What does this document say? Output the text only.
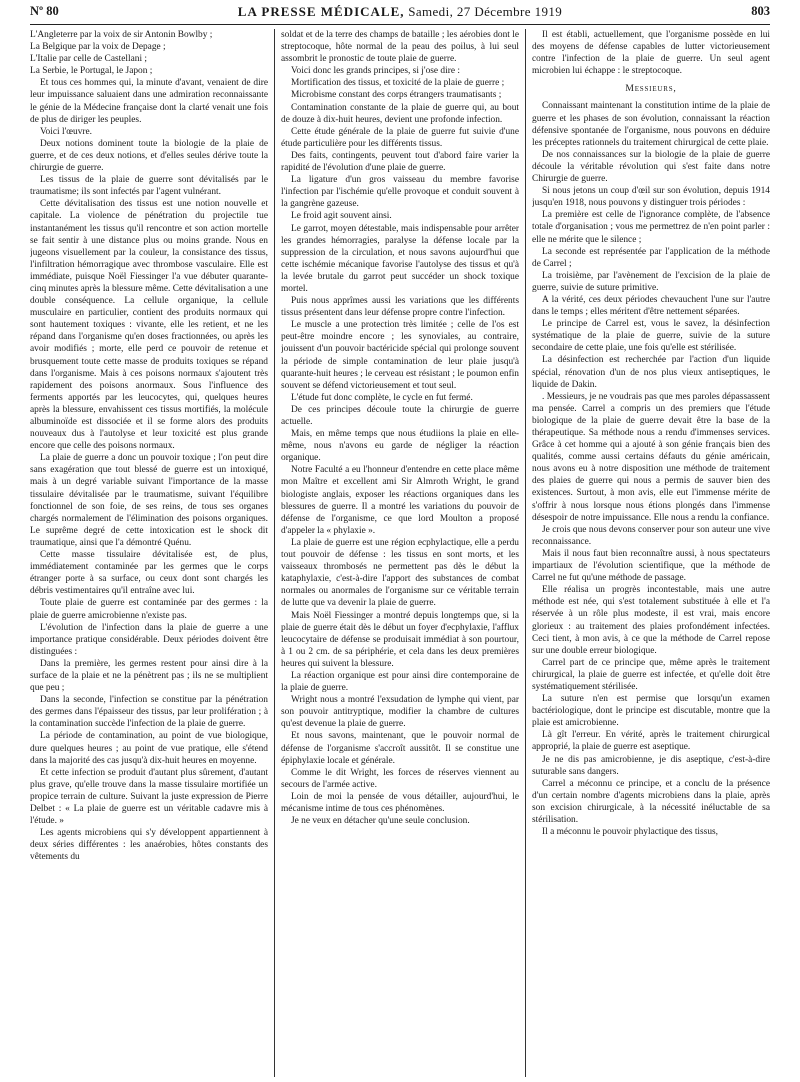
Nº 80	LA PRESSE MÉDICALE, Samedi, 27 Décembre 1919	803

L'Angleterre par la voix de sir Antonin Bowlby ;

La Belgique par la voix de Depage ;

L'Italie par celle de Castellani ;

La Serbie, le Portugal, le Japon ;

Et tous ces hommes qui, la minute d'avant, venaient de dire leur impuissance saluaient dans une admiration reconnaissante le génie de la Médecine française dont la clarté venait une fois de plus de diriger les peuples.

Voici l'œuvre.

Deux notions dominent toute la biologie de la plaie de guerre, et de ces deux notions, et d'elles seules dérive toute la chirurgie de guerre.

Les tissus de la plaie de guerre sont dévitalisés par le traumatisme; ils sont infectés par l'agent vulnérant.

Cette dévitalisation des tissus est une notion nouvelle et capitale. La violence de pénétration du projectile tue instantanément les tissus qu'il rencontre et son action mortelle se fait sentir à une distance plus ou moins grande. Nous en jugeons visuellement par la couleur, la consistance des tissus, l'infiltration hémorragique avec thrombose vasculaire. Elle est immédiate, puisque Noël Fiessinger l'a vue débuter quarante-cinq minutes après la blessure même. Cette dévitalisation a une double conséquence. La cellule organique, la cellule musculaire en particulier, contient des produits normaux qui sont hautement toxiques : vivante, elle les retient, et ne les répand dans l'organisme qu'en doses fractionnées, ou après les avoir modifiés ; morte, elle perd ce pouvoir de retenue et brusquement toute cette masse de produits toxiques se répand dans l'organisme. Mais à ces poisons normaux s'ajoutent très rapidement des poisons anormaux. Sous l'influence des ferments apportés par les leucocytes, qui, quelques heures après la blessure, envahissent ces tissus mortifiés, la molécule albuminoïde est dissociée et il se forme alors des produits nouveaux dus à l'autolyse et leur toxicité est plus grande encore que celle des poisons normaux.

La plaie de guerre a donc un pouvoir toxique ; l'on peut dire sans exagération que tout blessé de guerre est un intoxiqué, mais à un degré variable suivant l'importance de la masse tissulaire dévitalisée par le traumatisme, suivant l'équilibre fonctionnel de son foie, de ses reins, de tous ses organes chargés normalement de l'élimination des poisons organiques. Le suprême degré de cette intoxication est le shock dit traumatique, ainsi que l'a démontré Quénu.

Cette masse tissulaire dévitalisée est, de plus, immédiatement contaminée par les germes que le corps étranger porte à sa surface, ou ceux dont sont chargés les débris vestimentaires qu'il entraîne avec lui.

Toute plaie de guerre est contaminée par des germes : la plaie de guerre amicrobienne n'existe pas.

L'évolution de l'infection dans la plaie de guerre a une importance pratique considérable. Deux périodes doivent être distinguées :

Dans la première, les germes restent pour ainsi dire à la surface de la plaie et ne la pénètrent pas ; ils ne se multiplient que peu ;

Dans la seconde, l'infection se constitue par la pénétration des germes dans l'épaisseur des tissus, par leur prolifération ; à la contamination succède l'infection de la plaie de guerre.

La période de contamination, au point de vue biologique, dure quelques heures ; au point de vue pratique, elle s'étend dans la majorité des cas jusqu'à dix-huit heures en moyenne.

Et cette infection se produit d'autant plus sûrement, d'autant plus grave, qu'elle trouve dans la masse tissulaire mortifiée un propice terrain de culture. Suivant la juste expression de Pierre Delbet : « La plaie de guerre est un véritable cadavre mis à l'étude. »

Les agents microbiens qui s'y développent appartiennent à deux séries différentes : les anaérobies, hôtes constants des vêtements du

soldat et de la terre des champs de bataille ; les aérobies dont le streptocoque, hôte normal de la peau des poilus, à lui seul assombrit le pronostic de toute plaie de guerre.

Voici donc les grands principes, si j'ose dire :

Mortification des tissus, et toxicité de la plaie de guerre ;

Microbisme constant des corps étrangers traumatisants ;

Contamination constante de la plaie de guerre qui, au bout de douze à dix-huit heures, devient une profonde infection.

Cette étude générale de la plaie de guerre fut suivie d'une étude particulière pour les différents tissus.

Des faits, contingents, peuvent tout d'abord faire varier la rapidité de l'évolution d'une plaie de guerre.

La ligature d'un gros vaisseau du membre favorise l'infection par l'ischémie qu'elle provoque et conduit souvent à la gangrène gazeuse.

Le froid agit souvent ainsi.

Le garrot, moyen détestable, mais indispensable pour arrêter les grandes hémorragies, paralyse la défense locale par la suppression de la circulation, et nous savons aujourd'hui que cette ischémie mécanique favorise l'autolyse des tissus et qu'à la levée brutale du garrot peut succéder un shock toxique mortel.

Puis nous apprîmes aussi les variations que les différents tissus présentent dans leur défense propre contre l'infection.

Le muscle a une protection très limitée ; celle de l'os est peut-être moindre encore ; les synoviales, au contraire, jouissent d'un pouvoir bactéricide spécial qui prolonge souvent la période de simple contamination de leur plaie jusqu'à quarante-huit heures ; le cerveau est résistant ; le poumon enfin souvent se défend victorieusement et tout seul.

L'étude fut donc complète, le cycle en fut fermé.

De ces principes découle toute la chirurgie de guerre actuelle.

Mais, en même temps que nous étudiions la plaie en elle-même, nous n'avons eu garde de négliger la réaction organique.

Notre Faculté a eu l'honneur d'entendre en cette place même mon Maître et excellent ami Sir Almroth Wright, le grand biologiste anglais, exposer les réactions organiques dans les blessures de guerre. Il a montré les variations du pouvoir de défense de l'organisme, ce que lord Moulton a proposé d'appeler la « phylaxie ».

La plaie de guerre est une région ecphylactique, elle a perdu tout pouvoir de défense : les tissus en sont morts, et les vaisseaux thrombosés ne permettent pas dès le début la kataphylaxie, c'est-à-dire l'apport des substances de combat normales ou anormales de l'organisme sur ce véritable terrain de lutte que va devenir la plaie de guerre.

Mais Noël Fiessinger a montré depuis longtemps que, si la plaie de guerre était dès le début un foyer d'ecphylaxie, l'afflux leucocytaire de défense se produisait immédiat à son pourtour, à 1 ou 2 cm. de sa périphérie, et cela dans les deux premières heures qui suivent la blessure.

La réaction organique est pour ainsi dire contemporaine de la plaie de guerre.

Wright nous a montré l'exsudation de lymphe qui vient, par son pouvoir antitryptique, modifier la chambre de cultures qu'est devenue la plaie de guerre.

Et nous savons, maintenant, que le pouvoir normal de défense de l'organisme s'accroît aussitôt. Il se constitue une épiphylaxie locale et générale.

Comme le dit Wright, les forces de réserves viennent au secours de l'armée active.

Loin de moi la pensée de vous détailler, aujourd'hui, le mécanisme intime de tous ces phénomènes.

Je ne veux en détacher qu'une seule conclusion.

Il est établi, actuellement, que l'organisme possède en lui des moyens de défense capables de lutter victorieusement contre l'infection de la plaie de guerre. Un seul agent microbien lui échappe : le streptocoque.

Messieurs,

Connaissant maintenant la constitution intime de la plaie de guerre et les phases de son évolution, connaissant la réaction défensive spontanée de l'organisme, nous pouvons en déduire les préceptes rationnels du traitement chirurgical de cette plaie.

De nos connaissances sur la biologie de la plaie de guerre découle la véritable révolution qui s'est faite dans notre Chirurgie de guerre.

Si nous jetons un coup d'œil sur son évolution, depuis 1914 jusqu'en 1918, nous pouvons y distinguer trois périodes :

La première est celle de l'ignorance complète, de l'absence totale d'organisation ; vous me permettrez de n'en point parler : elle ne mérite que le silence ;

La seconde est représentée par l'application de la méthode de Carrel ;

La troisième, par l'avènement de l'excision de la plaie de guerre, suivie de suture primitive.

A la vérité, ces deux périodes chevauchent l'une sur l'autre dans le temps ; elles méritent d'être nettement séparées.

Le principe de Carrel est, vous le savez, la désinfection systématique de la plaie de guerre, suivie de la suture secondaire de cette plaie, une fois qu'elle est stérilisée.

La désinfection est recherchée par l'action d'un liquide spécial, rénovation d'un de nos plus vieux antiseptiques, le liquide de Dakin.

. Messieurs, je ne voudrais pas que mes paroles dépassassent ma pensée. Carrel a compris un des premiers que l'étude biologique de la plaie de guerre devait être la base de la thérapeutique. Sa méthode nous a rendu d'immenses services. Grâce à cet homme qui a ajouté à son génie français bien des qualités, comme aussi certains défauts du génie américain, nous avons eu à notre disposition une méthode de traitement des plaies de guerre qui nous a permis de sauver bien des existences. Surtout, à mon avis, elle eut l'immense mérite de s'offrir à nous lorsque nous étions plongés dans l'immense désespoir de notre impuissance. Elle nous a rendu la confiance.

Je crois que nous devons conserver pour son auteur une vive reconnaissance.

Mais il nous faut bien reconnaître aussi, à nous spectateurs impartiaux de l'évolution scientifique, que la méthode de Carrel ne fut qu'une méthode de passage.

Elle réalisa un progrès incontestable, mais une autre méthode est née, qui s'est totalement substituée à elle et l'a réservée à un rôle plus modeste, il est vrai, mais encore glorieux : au traitement des plaies profondément infectées. Ceci tient, à mon avis, à ce que la méthode de Carrel repose sur une double erreur biologique.

Carrel part de ce principe que, même après le traitement chirurgical, la plaie de guerre est infectée, et qu'elle doit être systématiquement stérilisée.

La suture n'en est permise que lorsqu'un examen bactériologique, dont le principe est discutable, montre que la plaie est amicrobienne.

Là gît l'erreur. En vérité, après le traitement chirurgical approprié, la plaie de guerre est aseptique.

Je ne dis pas amicrobienne, je dis aseptique, c'est-à-dire suturable sans dangers.

Carrel a méconnu ce principe, et a conclu de la présence d'un certain nombre d'agents microbiens dans la plaie, après son excision chirurgicale, à la nécessité inéluctable de sa stérilisation.

Il a méconnu le pouvoir phylactique des tissus,
